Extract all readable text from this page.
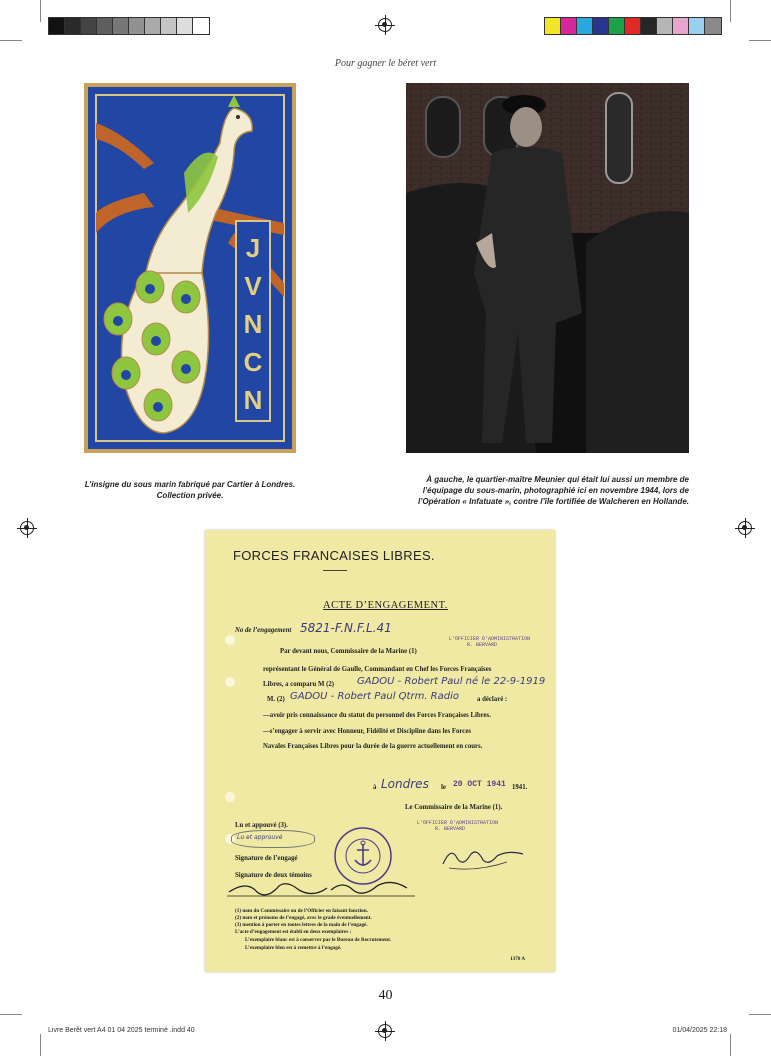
Pour gagner le béret vert
J
V
N
C
N
L’insigne du sous marin fabriqué par Cartier à Londres.
Collection privée.
À gauche, le quartier-maître Meunier qui était lui aussi un membre de
l’équipage du sous-marin, photographié ici en novembre 1944, lors de
l’Opération « Infatuate », contre l’île fortifiée de Walcheren en Hollande.
FORCES FRANCAISES LIBRES.
ACTE D’ENGAGEMENT.
No de l’engagement 5821-F.N.F.L.41
L’OFFICIER D’ADMINISTRATION
R. BERVARD
Par devant nous, Commissaire de la Marine (1)
représentant le Général de Gaulle, Commandant en Chef les Forces Françaises
Libres, a comparu M (2) GADOU - Robert Paul né le 22-9-1919
M. (2) GADOU - Robert Paul Qtrm. Radio	a déclaré :
—avoir pris connaissance du statut du personnel des Forces Françaises Libres.
—s’engager à servir avec Honneur, Fidélité et Discipline dans les Forces
Navales Françaises Libres pour la durée de la guerre actuellement en cours.
à Londres le 20 OCT 1941 1941.
Le Commissaire de la Marine (1).
Lu et appouvé (3).
Lu et approuvé
L’OFFICIER D’ADMINISTRATION
R. BERVARD
Signature de l’engagé
Signature de deux témoins
(1) nom du Commissaire ou de l’Officier en faisant fonction.
(2) nom et prénoms de l’engagé, avec le grade éventuellement.
(3) mention à porter en toutes lettres de la main de l’engagé.
L’acte d’engagement est établi en deux exemplaires :
L’exemplaire blanc est à conserver par le Bureau de Recrutement.
L’exemplaire bleu est à remettre à l’engagé.
1370 A
40
Livre Berêt vert A4 01 04 2025 terminé .indd 40	01/04/2025 22:18
